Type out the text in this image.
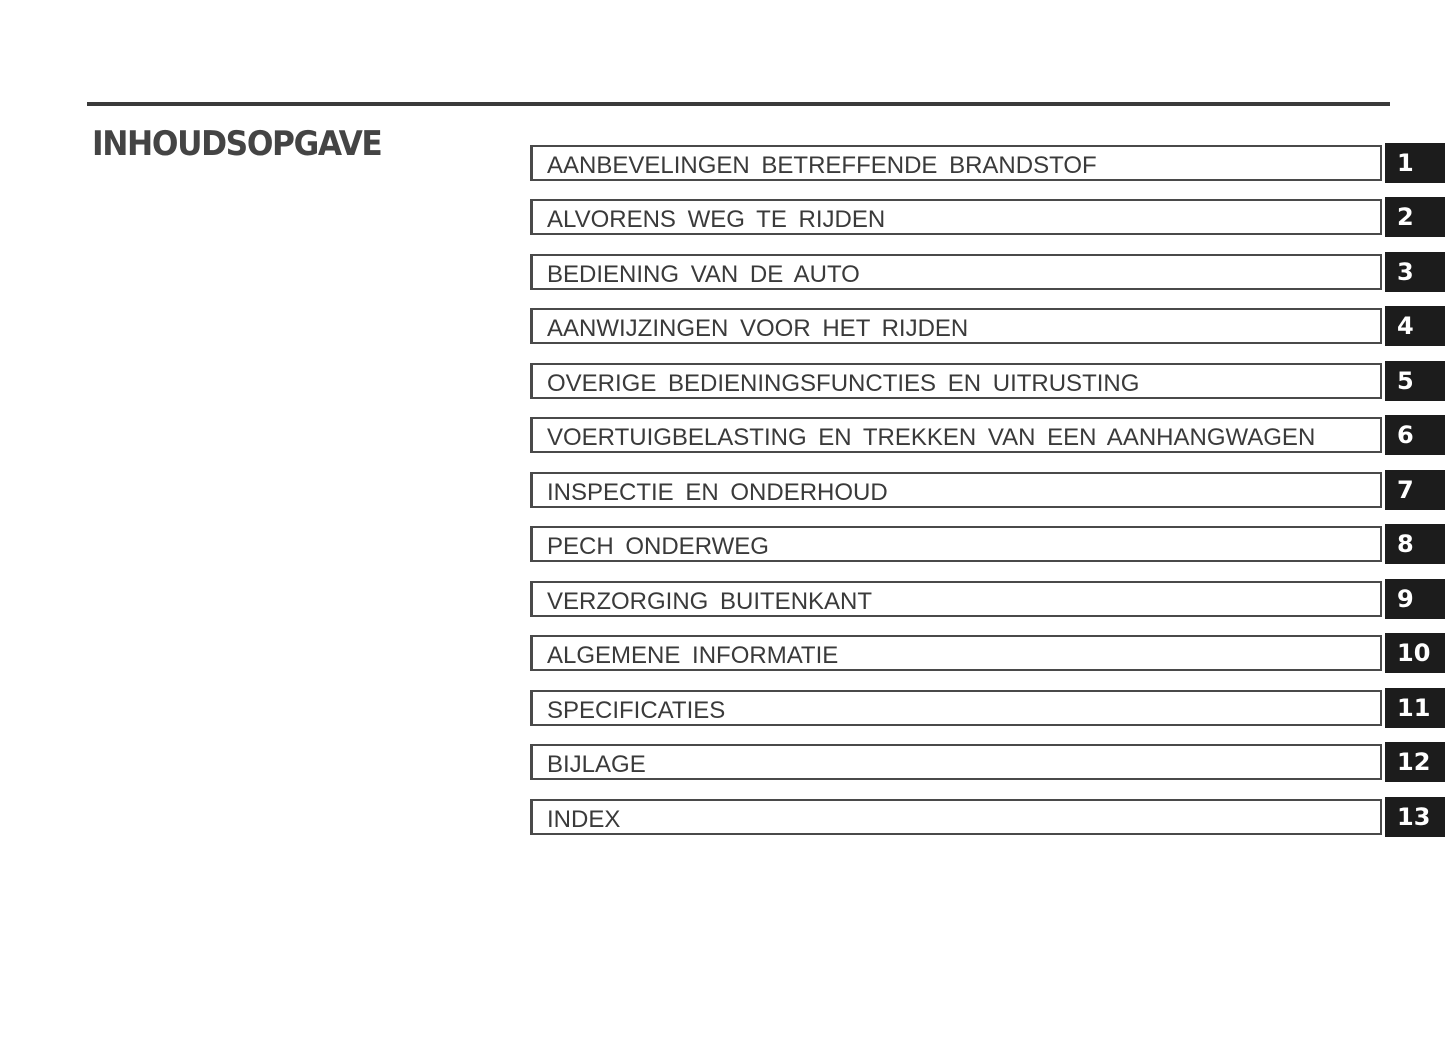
INHOUDSOPGAVE
AANBEVELINGEN BETREFFENDE BRANDSTOF	1
ALVORENS WEG TE RIJDEN	2
BEDIENING VAN DE AUTO	3
AANWIJZINGEN VOOR HET RIJDEN	4
OVERIGE BEDIENINGSFUNCTIES EN UITRUSTING	5
VOERTUIGBELASTING EN TREKKEN VAN EEN AANHANGWAGEN	6
INSPECTIE EN ONDERHOUD	7
PECH ONDERWEG	8
VERZORGING BUITENKANT	9
ALGEMENE INFORMATIE	10
SPECIFICATIES	11
BIJLAGE	12
INDEX	13
